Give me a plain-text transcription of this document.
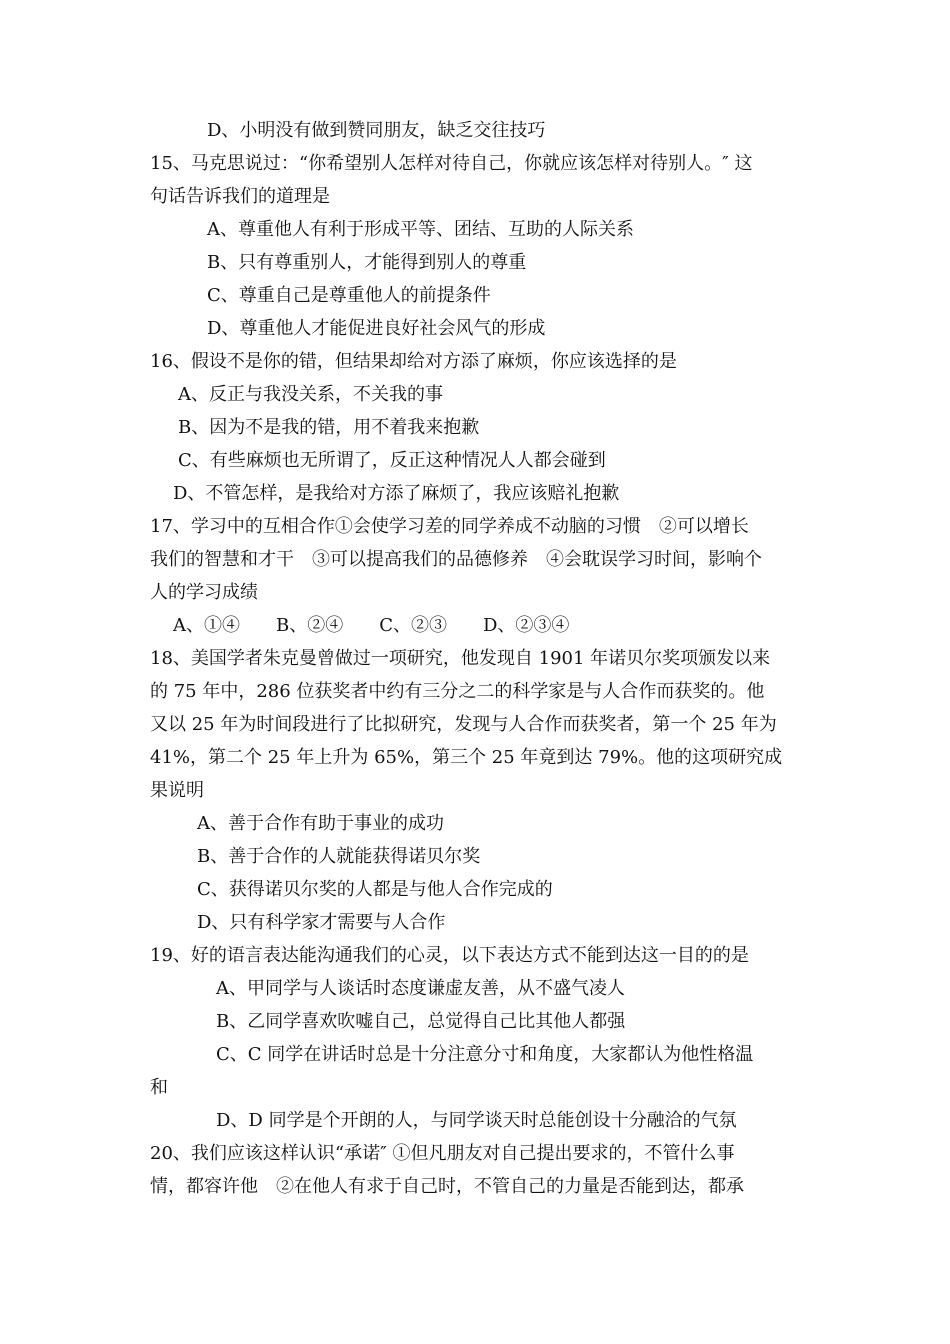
D、小明没有做到赞同朋友，缺乏交往技巧
15、马克思说过：“你希望别人怎样对待自己，你就应该怎样对待别人。″ 这
句话告诉我们的道理是
A、尊重他人有利于形成平等、团结、互助的人际关系
B、只有尊重别人，才能得到别人的尊重
C、尊重自己是尊重他人的前提条件
D、尊重他人才能促进良好社会风气的形成
16、假设不是你的错，但结果却给对方添了麻烦，你应该选择的是
A、反正与我没关系，不关我的事
B、因为不是我的错，用不着我来抱歉
C、有些麻烦也无所谓了，反正这种情况人人都会碰到
D、不管怎样，是我给对方添了麻烦了，我应该赔礼抱歉
17、学习中的互相合作①会使学习差的同学养成不动脑的习惯　②可以增长
我们的智慧和才干　③可以提高我们的品德修养　④会耽误学习时间，影响个
人的学习成绩
A、①④　　B、②④　　C、②③　　D、②③④
18、美国学者朱克曼曾做过一项研究，他发现自 1901 年诺贝尔奖项颁发以来
的 75 年中，286 位获奖者中约有三分之二的科学家是与人合作而获奖的。他
又以 25 年为时间段进行了比拟研究，发现与人合作而获奖者，第一个 25 年为
41%，第二个 25 年上升为 65%，第三个 25 年竟到达 79%。他的这项研究成
果说明
A、善于合作有助于事业的成功
B、善于合作的人就能获得诺贝尔奖
C、获得诺贝尔奖的人都是与他人合作完成的
D、只有科学家才需要与人合作
19、好的语言表达能沟通我们的心灵，以下表达方式不能到达这一目的的是
A、甲同学与人谈话时态度谦虚友善，从不盛气凌人
B、乙同学喜欢吹嘘自己，总觉得自己比其他人都强
C、C 同学在讲话时总是十分注意分寸和角度，大家都认为他性格温
和
D、D 同学是个开朗的人，与同学谈天时总能创设十分融洽的气氛
20、我们应该这样认识“承诺″ ①但凡朋友对自己提出要求的，不管什么事
情，都容许他　②在他人有求于自己时，不管自己的力量是否能到达，都承
